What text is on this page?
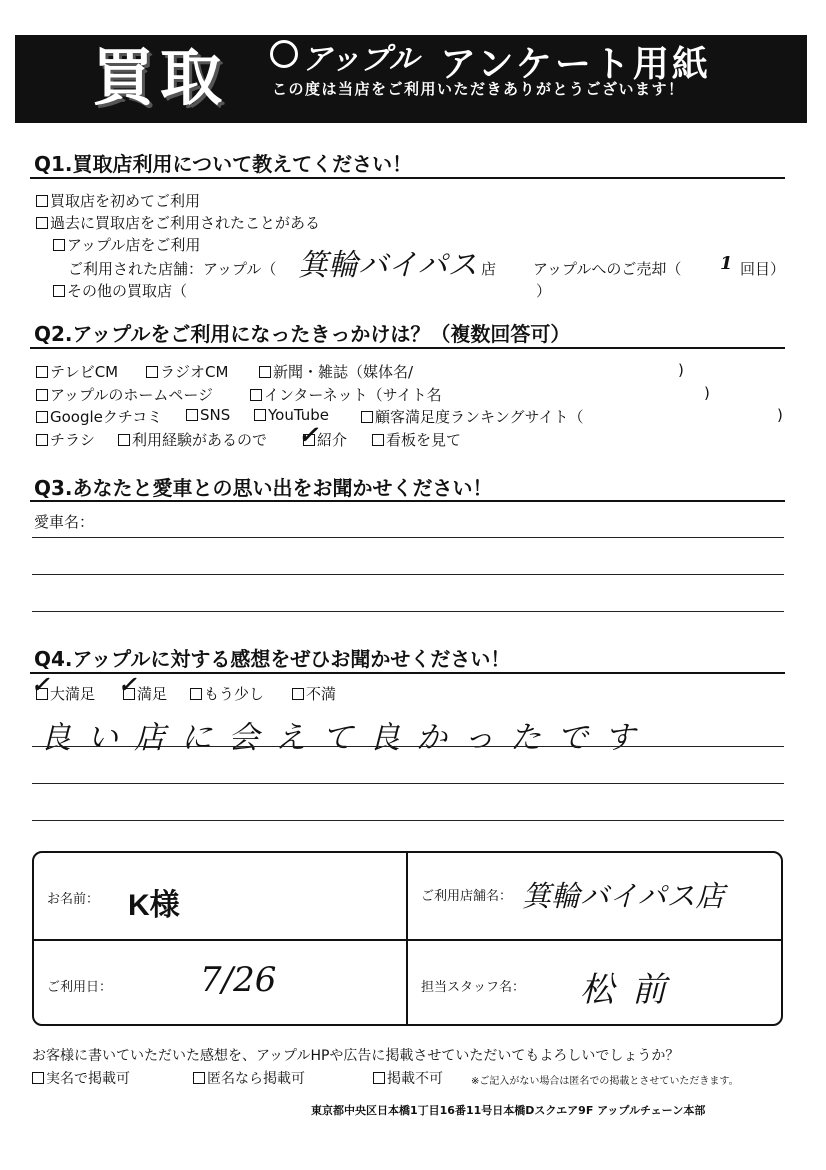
買取 アップル アンケート用紙
この度は当店をご利用いただきありがとうございます！
Q1.買取店利用について教えてください！
買取店を初めてご利用
過去に買取店をご利用されたことがある
アップル店をご利用
ご利用された店舗：アップル（ 箕輪バイパス 店 アップルへのご売却（ 1 回目）
その他の買取店（	）
Q2.アップルをご利用になったきっかけは？（複数回答可）
テレビCM	ラジオCM	新聞・雑誌（媒体名/	)
アップルのホームページ	インターネット（サイト名	)
Googleクチコミ	SNS	YouTube	顧客満足度ランキングサイト（	)
チラシ	利用経験があるので	紹介
✓	看板を見て
Q3.あなたと愛車との思い出をお聞かせください！
愛車名：
Q4.アップルに対する感想をぜひお聞かせください！
大満足
✓	満足
✓	もう少し	不満
良い店に会えて良かったです
お名前： K様	ご利用店舗名： 箕輪バイパス店
ご利用日：	7/26	担当スタッフ名： 松前
お客様に書いていただいた感想を、アップルHPや広告に掲載させていただいてもよろしいでしょうか？
実名で掲載可	匿名なら掲載可	掲載不可	※ご記入がない場合は匿名での掲載とさせていただきます。
東京都中央区日本橋1丁目16番11号日本橋Dスクエア9F アップルチェーン本部
